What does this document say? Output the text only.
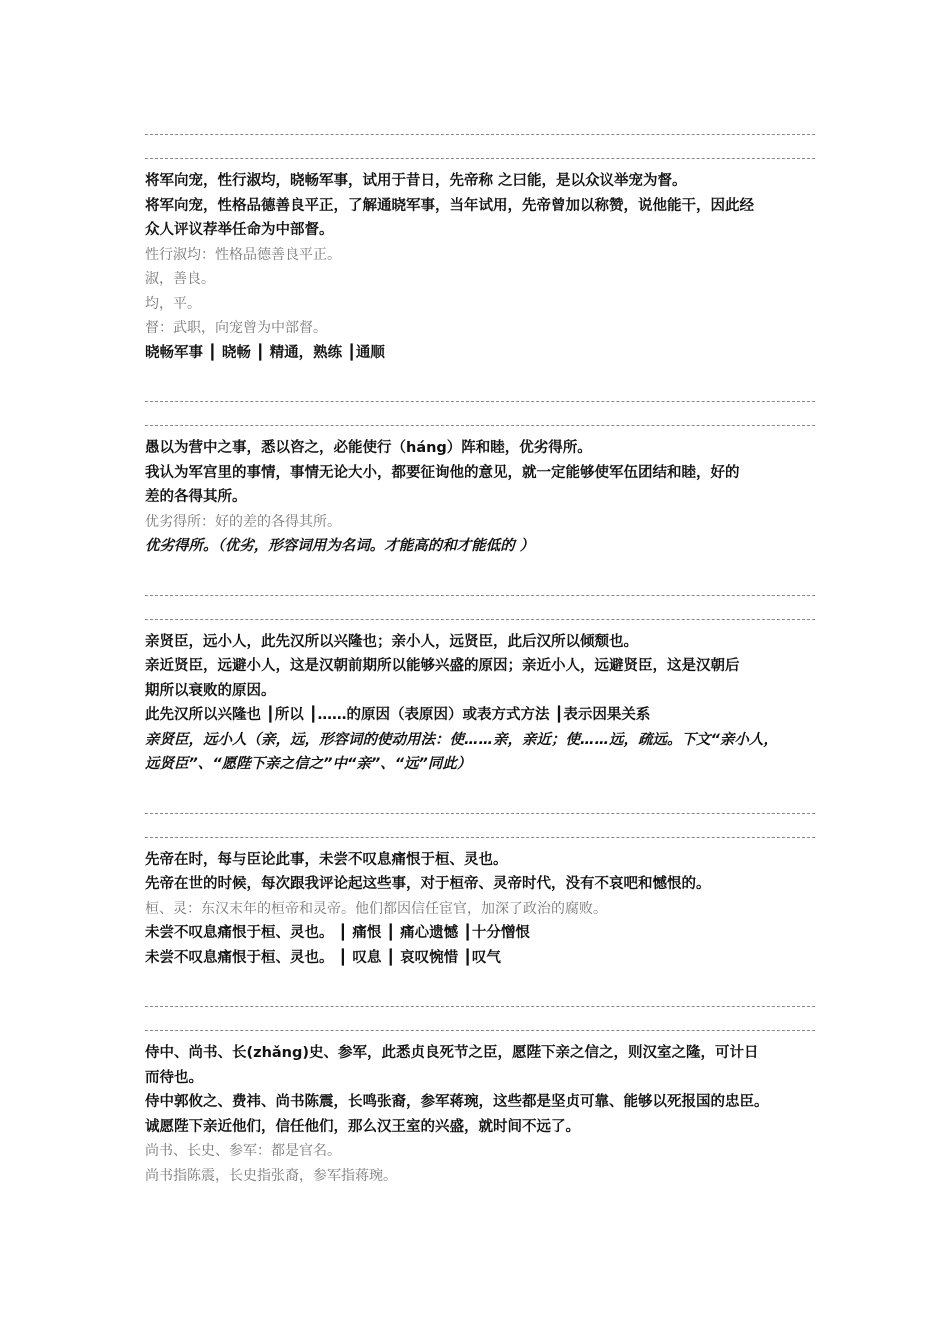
将军向宠，性行淑均，晓畅军事，试用于昔日，先帝称 之曰能，是以众议举宠为督。

将军向宠，性格品德善良平正，了解通晓军事，当年试用，先帝曾加以称赞，说他能干，因此经

众人评议荐举任命为中部督。

性行淑均：性格品德善良平正。

淑，善良。

均，平。

督：武职，向宠曾为中部督。

晓畅军事 ┃ 晓畅 ┃ 精通，熟练 ┃通顺

愚以为营中之事，悉以咨之，必能使行（háng）阵和睦，优劣得所。

我认为军宫里的事情，事情无论大小，都要征询他的意见，就一定能够使军伍团结和睦，好的

差的各得其所。

优劣得所：好的差的各得其所。

优劣得所。（优劣，形容词用为名词。才能高的和才能低的 ）

亲贤臣，远小人，此先汉所以兴隆也；亲小人，远贤臣，此后汉所以倾颓也。

亲近贤臣，远避小人，这是汉朝前期所以能够兴盛的原因；亲近小人，远避贤臣，这是汉朝后

期所以衰败的原因。

此先汉所以兴隆也 ┃所以 ┃……的原因（表原因）或表方式方法 ┃表示因果关系

亲贤臣，远小人（亲，远，形容词的使动用法：使……亲，亲近；使……远，疏远。下文“亲小人，

远贤臣”、“愿陛下亲之信之”中“亲”、“远”同此）

先帝在时，每与臣论此事，未尝不叹息痛恨于桓、灵也。

先帝在世的时候，每次跟我评论起这些事，对于桓帝、灵帝时代，没有不哀吧和憾恨的。

桓、灵：东汉末年的桓帝和灵帝。他们都因信任宦官，加深了政治的腐败。

未尝不叹息痛恨于桓、灵也。 ┃ 痛恨 ┃ 痛心遗憾 ┃十分憎恨

未尝不叹息痛恨于桓、灵也。 ┃ 叹息 ┃ 哀叹惋惜 ┃叹气

侍中、尚书、长(zhǎng)史、参军，此悉贞良死节之臣，愿陛下亲之信之，则汉室之隆，可计日

而待也。

侍中郭攸之、费祎、尚书陈震，长鸣张裔，参军蒋琬，这些都是坚贞可靠、能够以死报国的忠臣。

诚愿陛下亲近他们，信任他们，那么汉王室的兴盛，就时间不远了。

尚书、长史、参军：都是官名。

尚书指陈震，长史指张裔，参军指蒋琬。
